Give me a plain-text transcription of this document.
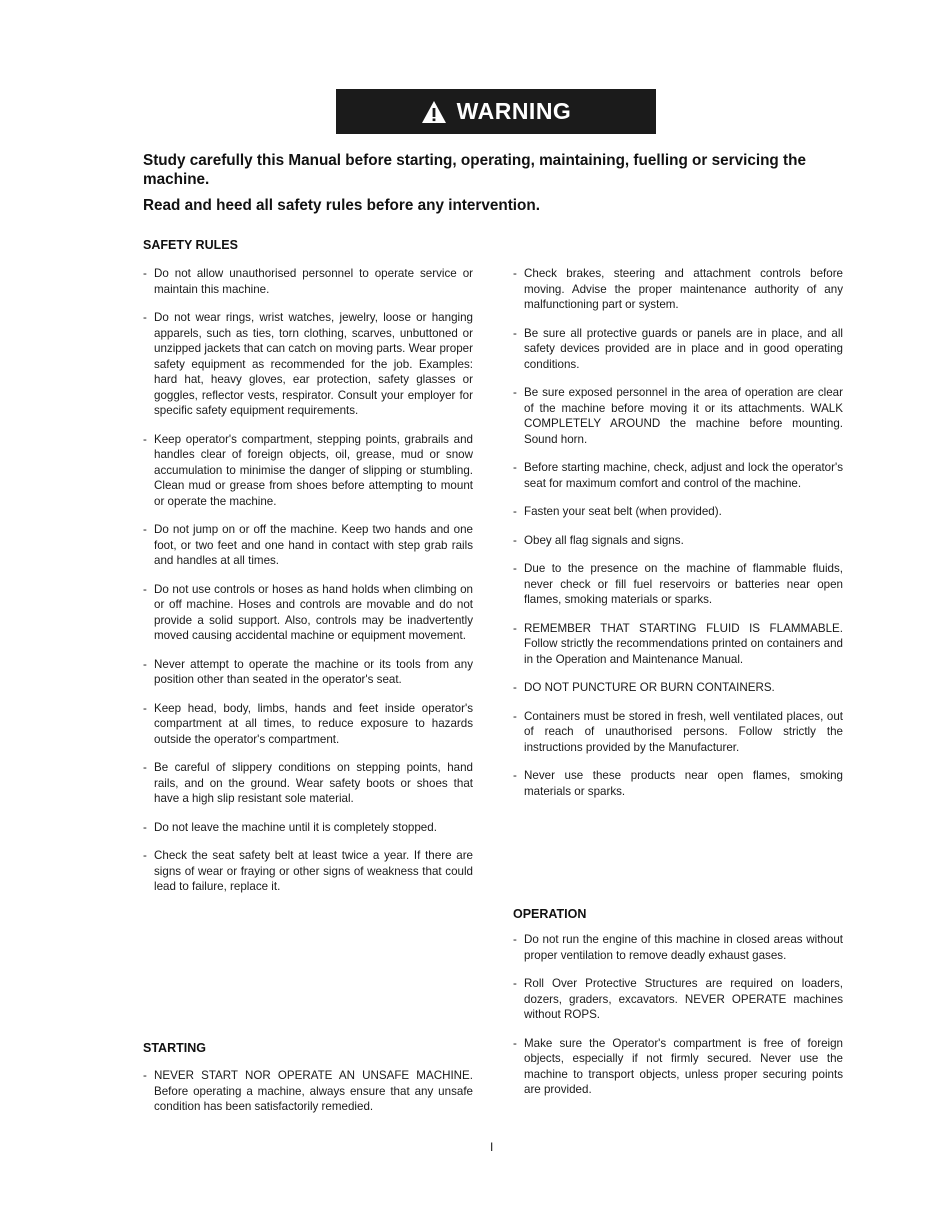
WARNING

Study carefully this Manual before starting, operating, maintaining, fuelling or servicing the machine.

Read and heed all safety rules before any intervention.

SAFETY RULES

- Do not allow unauthorised personnel to operate service or maintain this machine.

- Do not wear rings, wrist watches, jewelry, loose or hanging apparels, such as ties, torn clothing, scarves, unbuttoned or unzipped jackets that can catch on moving parts. Wear proper safety equipment as recommended for the job. Examples: hard hat, heavy gloves, ear protection, safety glasses or goggles, reflector vests, respirator. Consult your employer for specific safety equipment requirements.

- Keep operator's compartment, stepping points, grabrails and handles clear of foreign objects, oil, grease, mud or snow accumulation to minimise the danger of slipping or stumbling. Clean mud or grease from shoes before attempting to mount or operate the machine.

- Do not jump on or off the machine. Keep two hands and one foot, or two feet and one hand in contact with step grab rails and handles at all times.

- Do not use controls or hoses as hand holds when climbing on or off machine. Hoses and controls are movable and do not provide a solid support. Also, controls may be inadvertently moved causing accidental machine or equipment movement.

- Never attempt to operate the machine or its tools from any position other than seated in the operator's seat.

- Keep head, body, limbs, hands and feet inside operator's compartment at all times, to reduce exposure to hazards outside the operator's compartment.

- Be careful of slippery conditions on stepping points, hand rails, and on the ground. Wear safety boots or shoes that have a high slip resistant sole material.

- Do not leave the machine until it is completely stopped.

- Check the seat safety belt at least twice a year. If there are signs of wear or fraying or other signs of weakness that could lead to failure, replace it.

STARTING

- NEVER START NOR OPERATE AN UNSAFE MACHINE. Before operating a machine, always ensure that any unsafe condition has been satisfactorily remedied.

- Check brakes, steering and attachment controls before moving. Advise the proper maintenance authority of any malfunctioning part or system.

- Be sure all protective guards or panels are in place, and all safety devices provided are in place and in good operating conditions.

- Be sure exposed personnel in the area of operation are clear of the machine before moving it or its attachments. WALK COMPLETELY AROUND the machine before mounting. Sound horn.

- Before starting machine, check, adjust and lock the operator's seat for maximum comfort and control of the machine.

- Fasten your seat belt (when provided).

- Obey all flag signals and signs.

- Due to the presence on the machine of flammable fluids, never check or fill fuel reservoirs or batteries near open flames, smoking materials or sparks.

- REMEMBER THAT STARTING FLUID IS FLAMMABLE. Follow strictly the recommendations printed on containers and in the Operation and Maintenance Manual.

- DO NOT PUNCTURE OR BURN CONTAINERS.

- Containers must be stored in fresh, well ventilated places, out of reach of unauthorised persons. Follow strictly the instructions provided by the Manufacturer.

- Never use these products near open flames, smoking materials or sparks.

OPERATION

- Do not run the engine of this machine in closed areas without proper ventilation to remove deadly exhaust gases.

- Roll Over Protective Structures are required on loaders, dozers, graders, excavators. NEVER OPERATE machines without ROPS.

- Make sure the Operator's compartment is free of foreign objects, especially if not firmly secured. Never use the machine to transport objects, unless proper securing points are provided.

I
